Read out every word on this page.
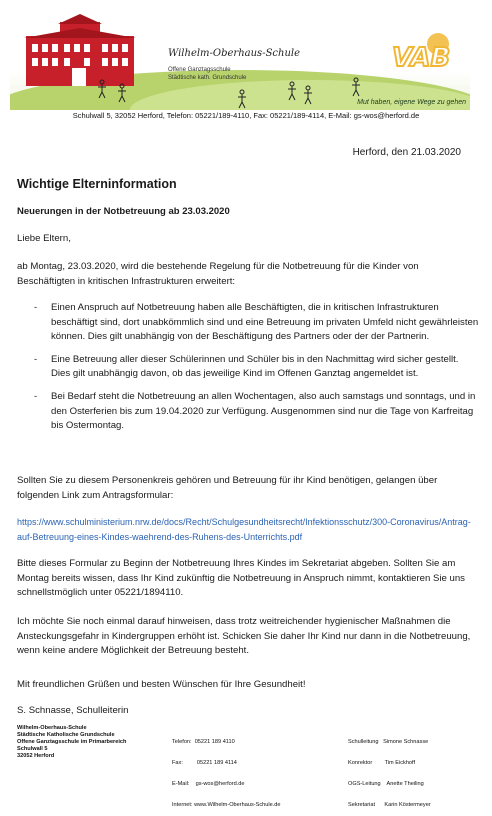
Wilhelm-Oberhaus-Schule
Offene Ganztagsschule
Städtische kath. Grundschule
VAB
Mut haben, eigene Wege zu gehen
Schulwall 5, 32052 Herford, Telefon: 05221/189-4110, Fax: 05221/189-4114, E-Mail: gs-wos@herford.de
Herford, den 21.03.2020
Wichtige Elterninformation
Neuerungen in der Notbetreuung ab 23.03.2020
Liebe Eltern,
ab Montag, 23.03.2020, wird die bestehende Regelung für die Notbetreuung für die Kinder von Beschäftigten in kritischen Infrastrukturen erweitert:
- Einen Anspruch auf Notbetreuung haben alle Beschäftigten, die in kritischen Infrastrukturen beschäftigt sind, dort unabkömmlich sind und eine Betreuung im privaten Umfeld nicht gewährleisten können. Dies gilt unabhängig von der Beschäftigung des Partners oder der der Partnerin.
- Eine Betreuung aller dieser Schülerinnen und Schüler bis in den Nachmittag wird sicher gestellt. Dies gilt unabhängig davon, ob das jeweilige Kind im Offenen Ganztag angemeldet ist.
- Bei Bedarf steht die Notbetreuung an allen Wochentagen, also auch samstags und sonntags, und in den Osterferien bis zum 19.04.2020 zur Verfügung. Ausgenommen sind nur die Tage von Karfreitag bis Ostermontag.
Sollten Sie zu diesem Personenkreis gehören und Betreuung für ihr Kind benötigen, gelangen über folgenden Link zum Antragsformular:
https://www.schulministerium.nrw.de/docs/Recht/Schulgesundheitsrecht/Infektionsschutz/300-Coronavirus/Antrag-auf-Betreuung-eines-Kindes-waehrend-des-Ruhens-des-Unterrichts.pdf
Bitte dieses Formular zu Beginn der Notbetreuung Ihres Kindes im Sekretariat abgeben. Sollten Sie am Montag bereits wissen, dass Ihr Kind zukünftig die Notbetreuung in Anspruch nimmt, kontaktieren Sie uns schnellstmöglich unter 05221/1894110.
Ich möchte Sie noch einmal darauf hinweisen, dass trotz weitreichender hygienischer Maßnahmen die Ansteckungsgefahr in Kindergruppen erhöht ist. Schicken Sie daher Ihr Kind nur dann in die Notbetreuung, wenn keine andere Möglichkeit der Betreuung besteht.
Mit freundlichen Grüßen und besten Wünschen für Ihre Gesundheit!
S. Schnasse, Schulleiterin
Wilhelm-Oberhaus-Schule
Städtische Katholische Grundschule
Offene Ganztagsschule im Primarbereich
Schulwall 5
32052 Herford

Telefon:  05221 189 4110

Fax:         05221 189 4114

E-Mail:    gs-wos@herford.de

Internet: www.Wilhelm-Oberhaus-Schule.de

Schulleitung   Simone Schnasse

Konrektor        Tim Eickhoff

OGS-Leitung    Anette Theiling

Sekretariat      Karin Köstermeyer
